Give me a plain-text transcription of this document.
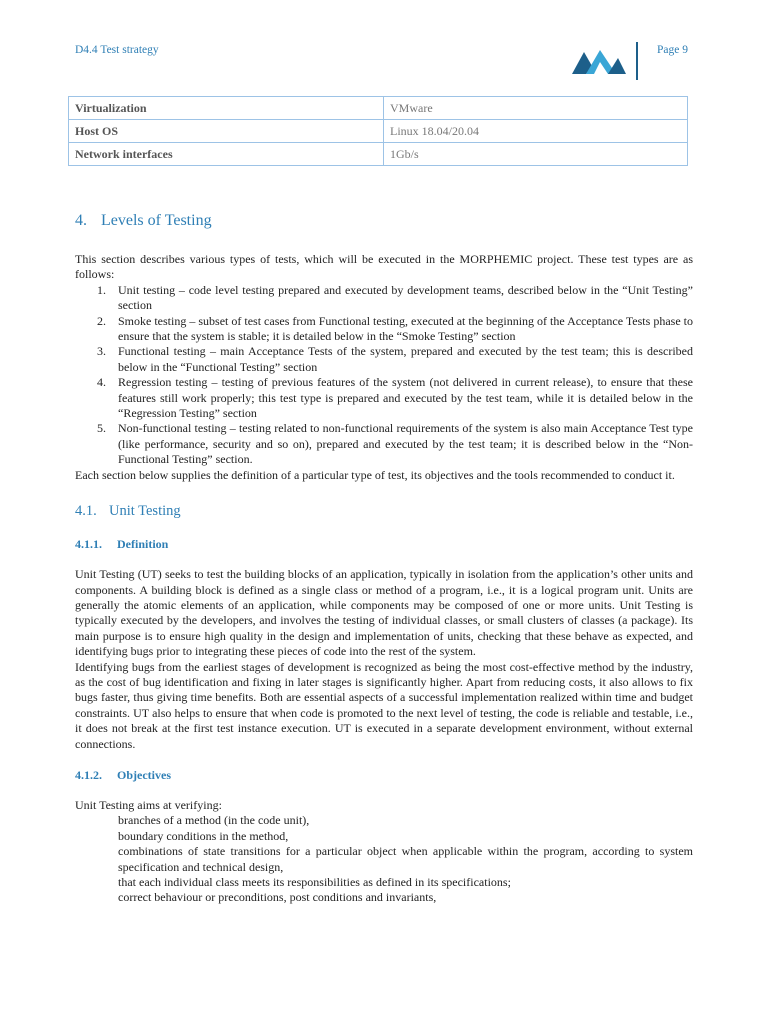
D4.4 Test strategy	Page 9
Virtualization	VMware
Host OS	Linux 18.04/20.04
Network interfaces	1Gb/s
4. Levels of Testing

This section describes various types of tests, which will be executed in the MORPHEMIC project. These test types are as follows:

1. Unit testing – code level testing prepared and executed by development teams, described below in the “Unit Testing” section
2. Smoke testing – subset of test cases from Functional testing, executed at the beginning of the Acceptance Tests phase to ensure that the system is stable; it is detailed below in the “Smoke Testing” section
3. Functional testing – main Acceptance Tests of the system, prepared and executed by the test team; this is described below in the “Functional Testing” section
4. Regression testing – testing of previous features of the system (not delivered in current release), to ensure that these features still work properly; this test type is prepared and executed by the test team, while it is detailed below in the “Regression Testing” section
5. Non-functional testing – testing related to non-functional requirements of the system is also main Acceptance Test type (like performance, security and so on), prepared and executed by the test team; it is described below in the “Non-Functional Testing” section.

Each section below supplies the definition of a particular type of test, its objectives and the tools recommended to conduct it.

4.1. Unit Testing
4.1.1. Definition

Unit Testing (UT) seeks to test the building blocks of an application, typically in isolation from the application’s other units and components. A building block is defined as a single class or method of a program, i.e., it is a logical program unit. Units are generally the atomic elements of an application, while components may be composed of one or more units. Unit Testing is typically executed by the developers, and involves the testing of individual classes, or small clusters of classes (a package). Its main purpose is to ensure high quality in the design and implementation of units, checking that these behave as expected, and identifying bugs prior to integrating these pieces of code into the rest of the system.

Identifying bugs from the earliest stages of development is recognized as being the most cost-effective method by the industry, as the cost of bug identification and fixing in later stages is significantly higher. Apart from reducing costs, it also allows to fix bugs faster, thus giving time benefits. Both are essential aspects of a successful implementation realized within time and budget constraints. UT also helps to ensure that when code is promoted to the next level of testing, the code is reliable and testable, i.e., it does not break at the first test instance execution. UT is executed in a separate development environment, without external connections.

4.1.2. Objectives

Unit Testing aims at verifying:

branches of a method (in the code unit),
boundary conditions in the method,
combinations of state transitions for a particular object when applicable within the program, according to system specification and technical design,
that each individual class meets its responsibilities as defined in its specifications;
correct behaviour or preconditions, post conditions and invariants,
